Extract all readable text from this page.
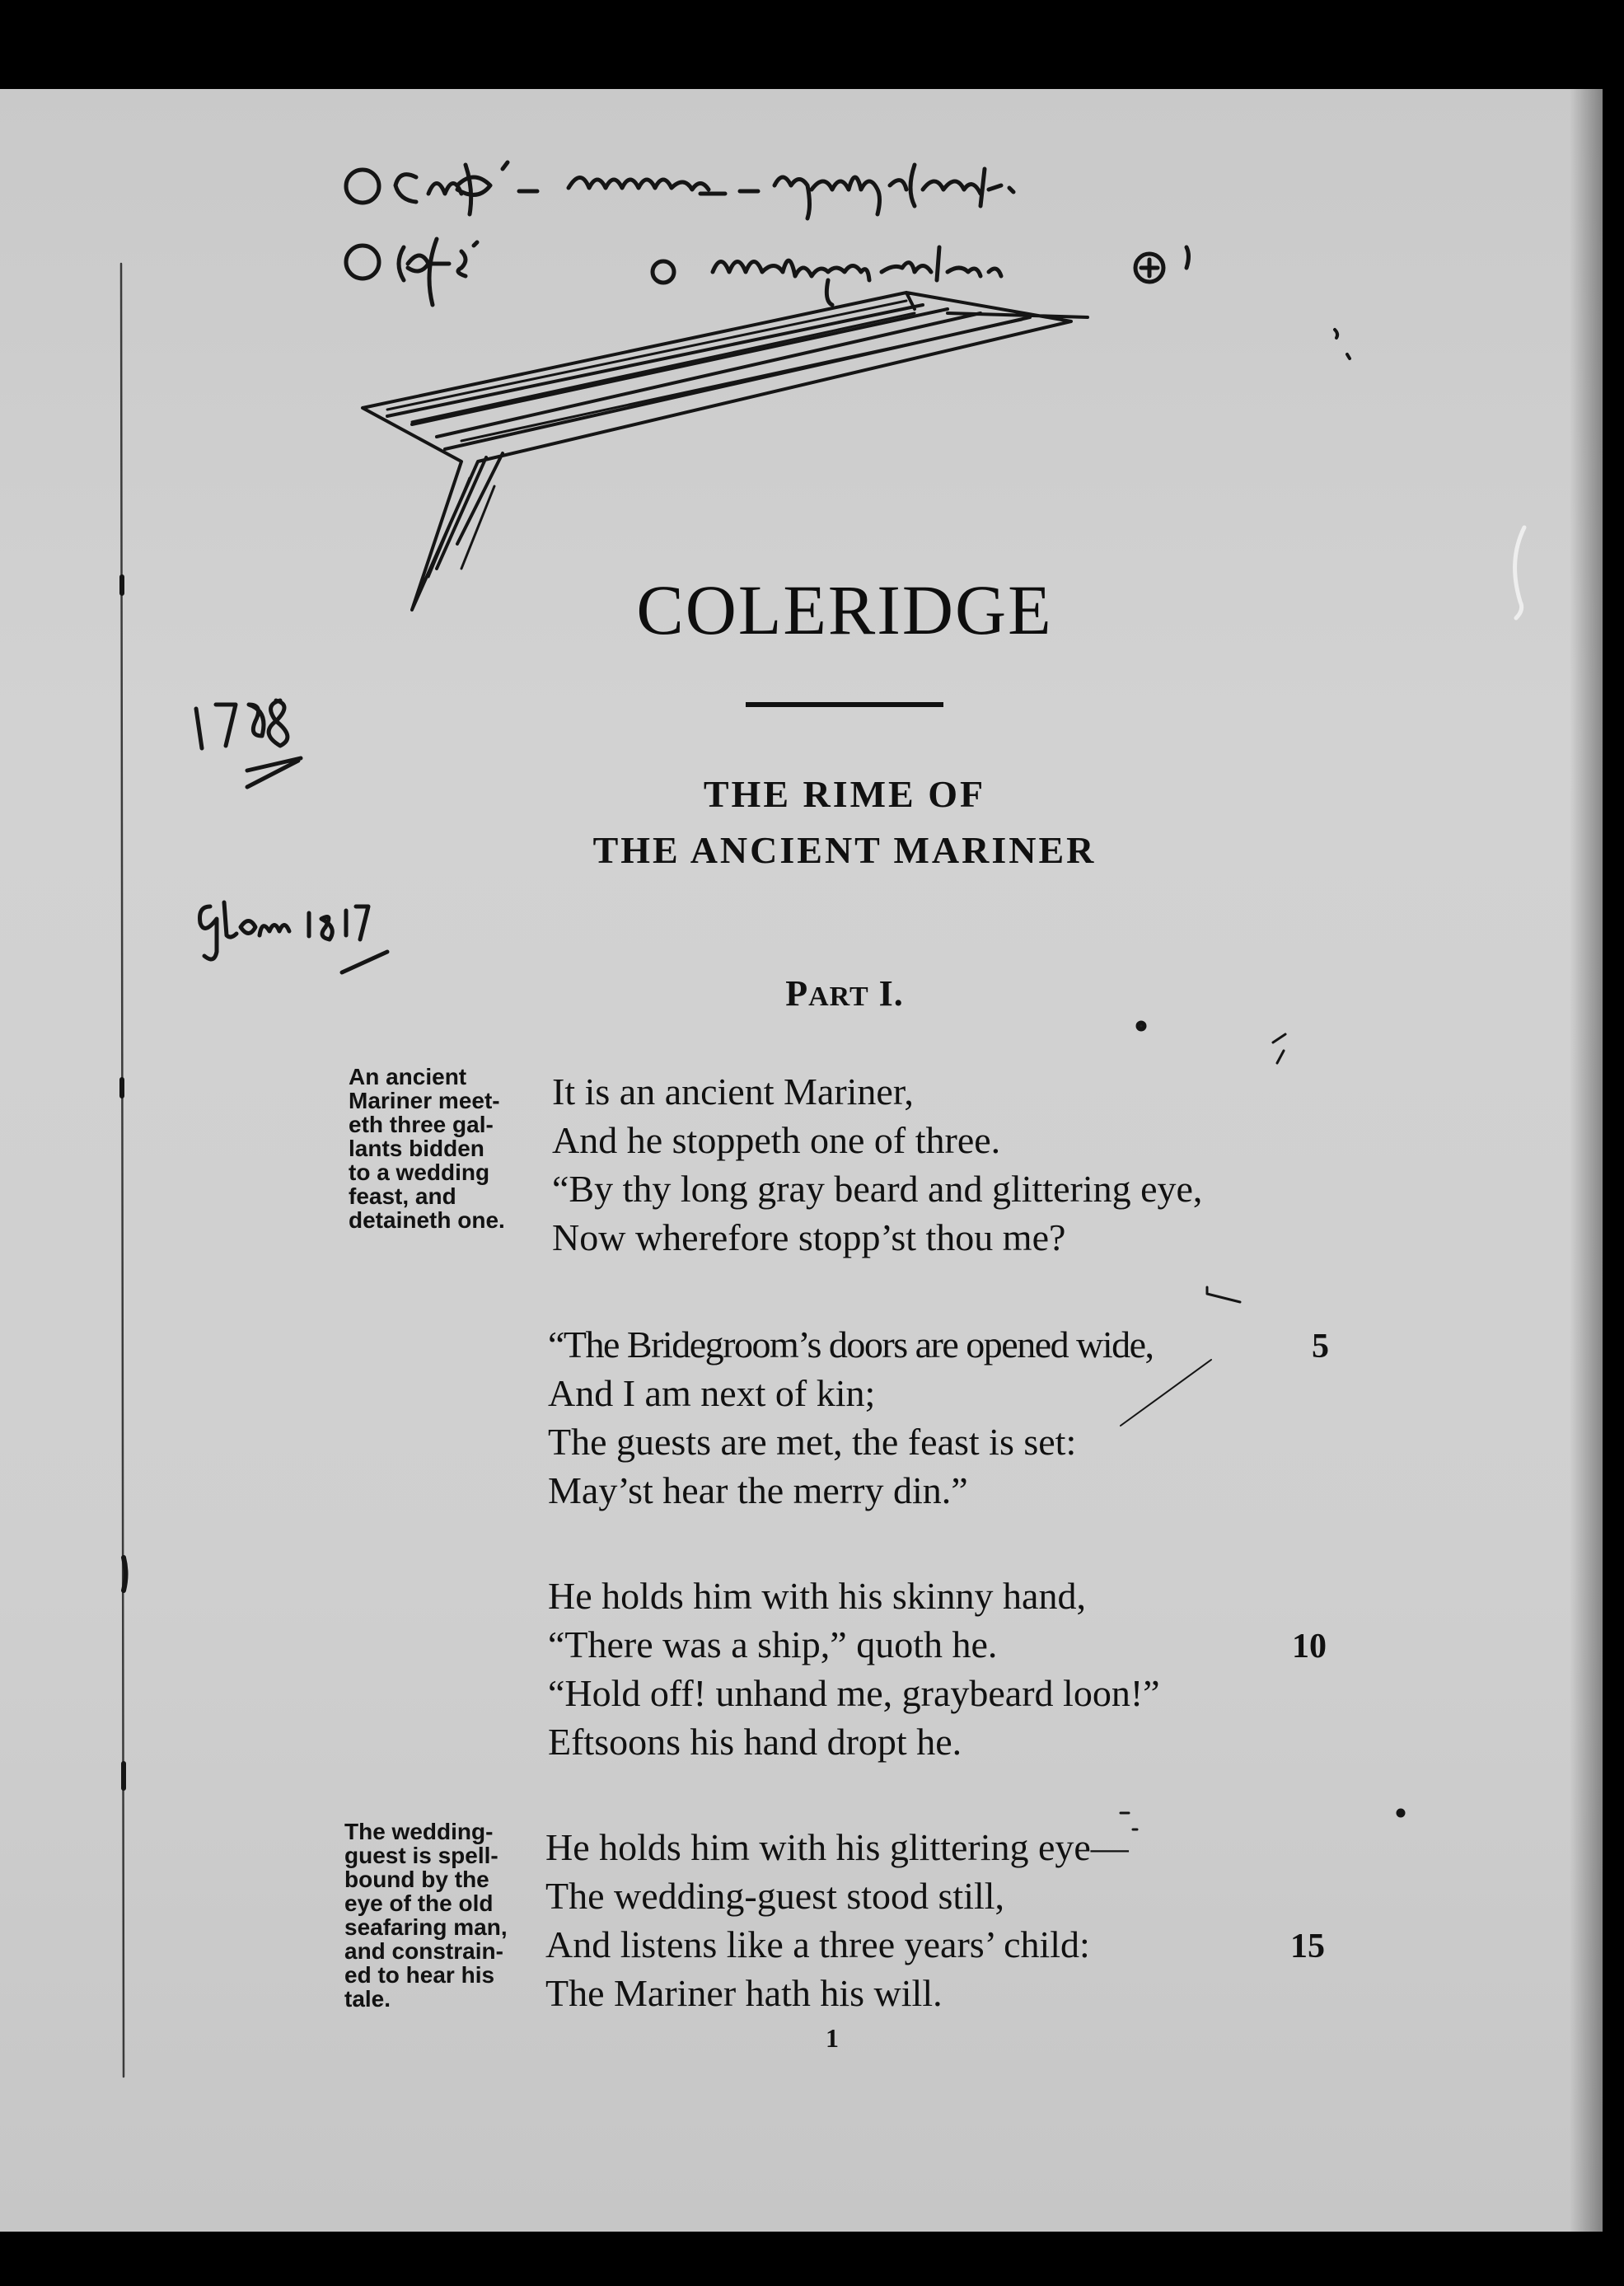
COLERIDGE
THE RIME OF
THE ANCIENT MARINER
PART I.
An ancient
Mariner meet-
eth three gal-
lants bidden
to a wedding
feast, and
detaineth one.
The wedding-
guest is spell-
bound by the
eye of the old
seafaring man,
and constrain-
ed to hear his
tale.
It is an ancient Mariner,
And he stoppeth one of three.
“By thy long gray beard and glittering eye,
Now wherefore stopp’st thou me?
“The Bridegroom’s doors are opened wide,
And I am next of kin;
The guests are met, the feast is set:
May’st hear the merry din.”
He holds him with his skinny hand,
“There was a ship,” quoth he.
“Hold off! unhand me, graybeard loon!”
Eftsoons his hand dropt he.
He holds him with his glittering eye—
The wedding-guest stood still,
And listens like a three years’ child:
The Mariner hath his will.
5
10
15
1
